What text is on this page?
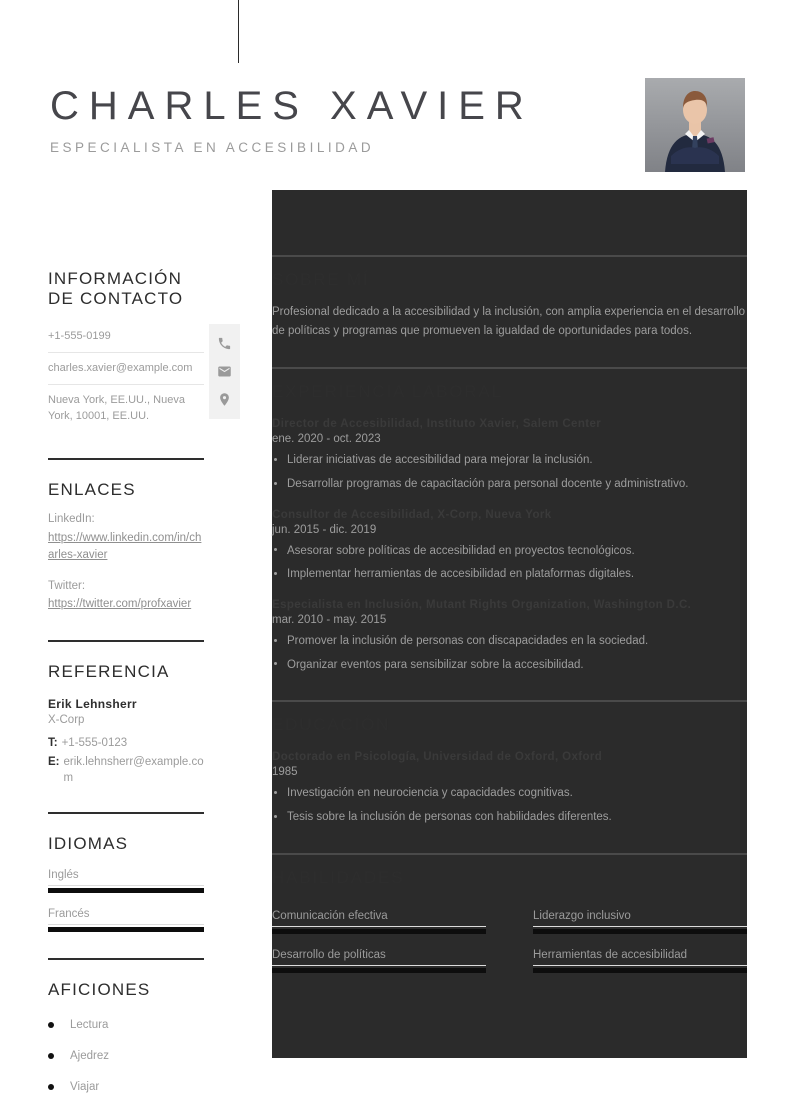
CHARLES XAVIER
ESPECIALISTA EN ACCESIBILIDAD
INFORMACIÓN DE CONTACTO
+1-555-0199
charles.xavier@example.com
Nueva York, EE.UU., Nueva York, 10001, EE.UU.
ENLACES
LinkedIn:
https://www.linkedin.com/in/charles-xavier
Twitter:
https://twitter.com/profxavier
REFERENCIA
Erik Lehnsherr
X-Corp
T: +1-555-0123
E: erik.lehnsherr@example.com
IDIOMAS
Inglés
Francés
AFICIONES
Lectura
Ajedrez
Viajar
SOBRE MÍ

Profesional dedicado a la accesibilidad y la inclusión, con amplia experiencia en el desarrollo de políticas y programas que promueven la igualdad de oportunidades para todos.

EXPERIENCIA LABORAL
Director de Accesibilidad, Instituto Xavier, Salem Center
ene. 2020 - oct. 2023
Liderar iniciativas de accesibilidad para mejorar la inclusión.
Desarrollar programas de capacitación para personal docente y administrativo.
Consultor de Accesibilidad, X-Corp, Nueva York
jun. 2015 - dic. 2019
Asesorar sobre políticas de accesibilidad en proyectos tecnológicos.
Implementar herramientas de accesibilidad en plataformas digitales.
Especialista en Inclusión, Mutant Rights Organization, Washington D.C.
mar. 2010 - may. 2015
Promover la inclusión de personas con discapacidades en la sociedad.
Organizar eventos para sensibilizar sobre la accesibilidad.
EDUCACIÓN
Doctorado en Psicología, Universidad de Oxford, Oxford
1985
Investigación en neurociencia y capacidades cognitivas.
Tesis sobre la inclusión de personas con habilidades diferentes.
HABILIDADES
Comunicación efectiva	Liderazgo inclusivo
Desarrollo de políticas	Herramientas de accesibilidad
